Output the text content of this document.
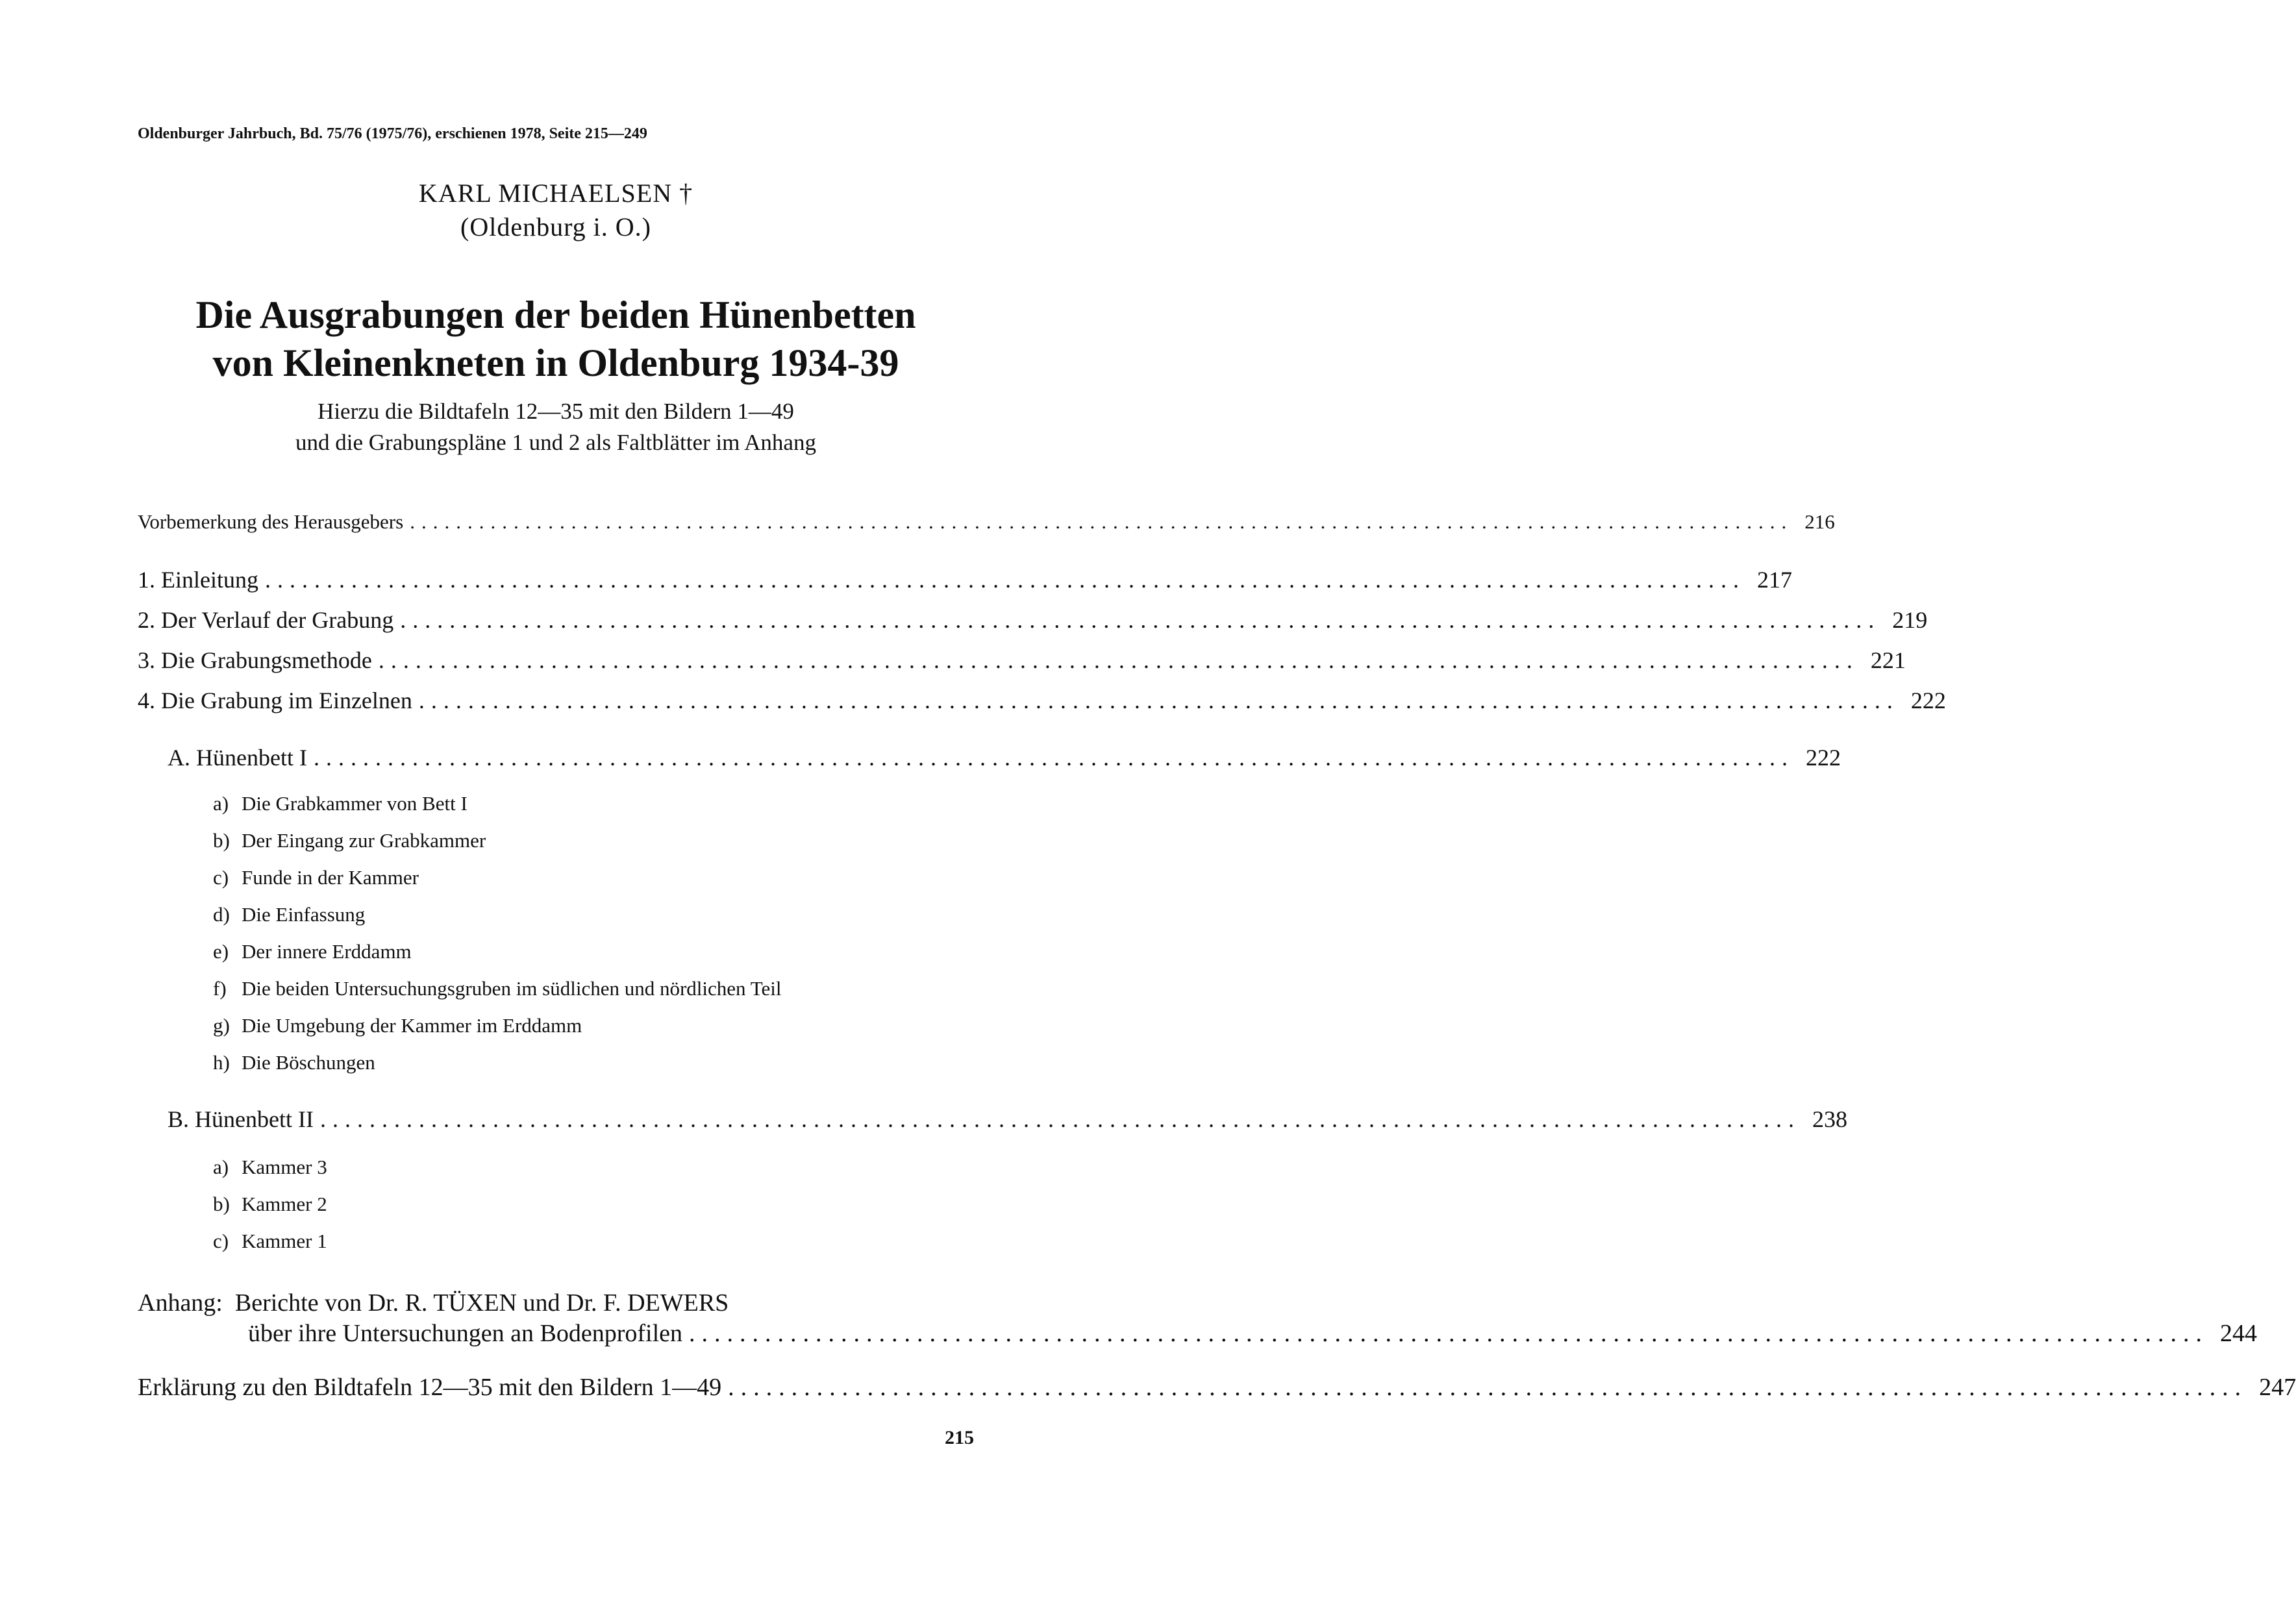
Oldenburger Jahrbuch, Bd. 75/76 (1975/76), erschienen 1978, Seite 215—249
KARL MICHAELSEN †
(Oldenburg i. O.)
Die Ausgrabungen der beiden Hünenbetten
von Kleinenkneten in Oldenburg 1934-39
Hierzu die Bildtafeln 12—35 mit den Bildern 1—49
und die Grabungspläne 1 und 2 als Faltblätter im Anhang
Vorbemerkung des Herausgebers ........................................................................................................................ 216
1. Einleitung ........................................................................................................................ 217
2. Der Verlauf der Grabung ........................................................................................................................ 219
3. Die Grabungsmethode ........................................................................................................................ 221
4. Die Grabung im Einzelnen ........................................................................................................................ 222
A. Hünenbett I ........................................................................................................................ 222
a) Die Grabkammer von Bett I
b) Der Eingang zur Grabkammer
c) Funde in der Kammer
d) Die Einfassung
e) Der innere Erddamm
f) Die beiden Untersuchungsgruben im südlichen und nördlichen Teil
g) Die Umgebung der Kammer im Erddamm
h) Die Böschungen
B. Hünenbett II ........................................................................................................................ 238
a) Kammer 3
b) Kammer 2
c) Kammer 1
Anhang: Berichte von Dr. R. TÜXEN und Dr. F. DEWERS
über ihre Untersuchungen an Bodenprofilen ........................................................................................................................ 244
Erklärung zu den Bildtafeln 12—35 mit den Bildern 1—49 ........................................................................................................................ 247
215
